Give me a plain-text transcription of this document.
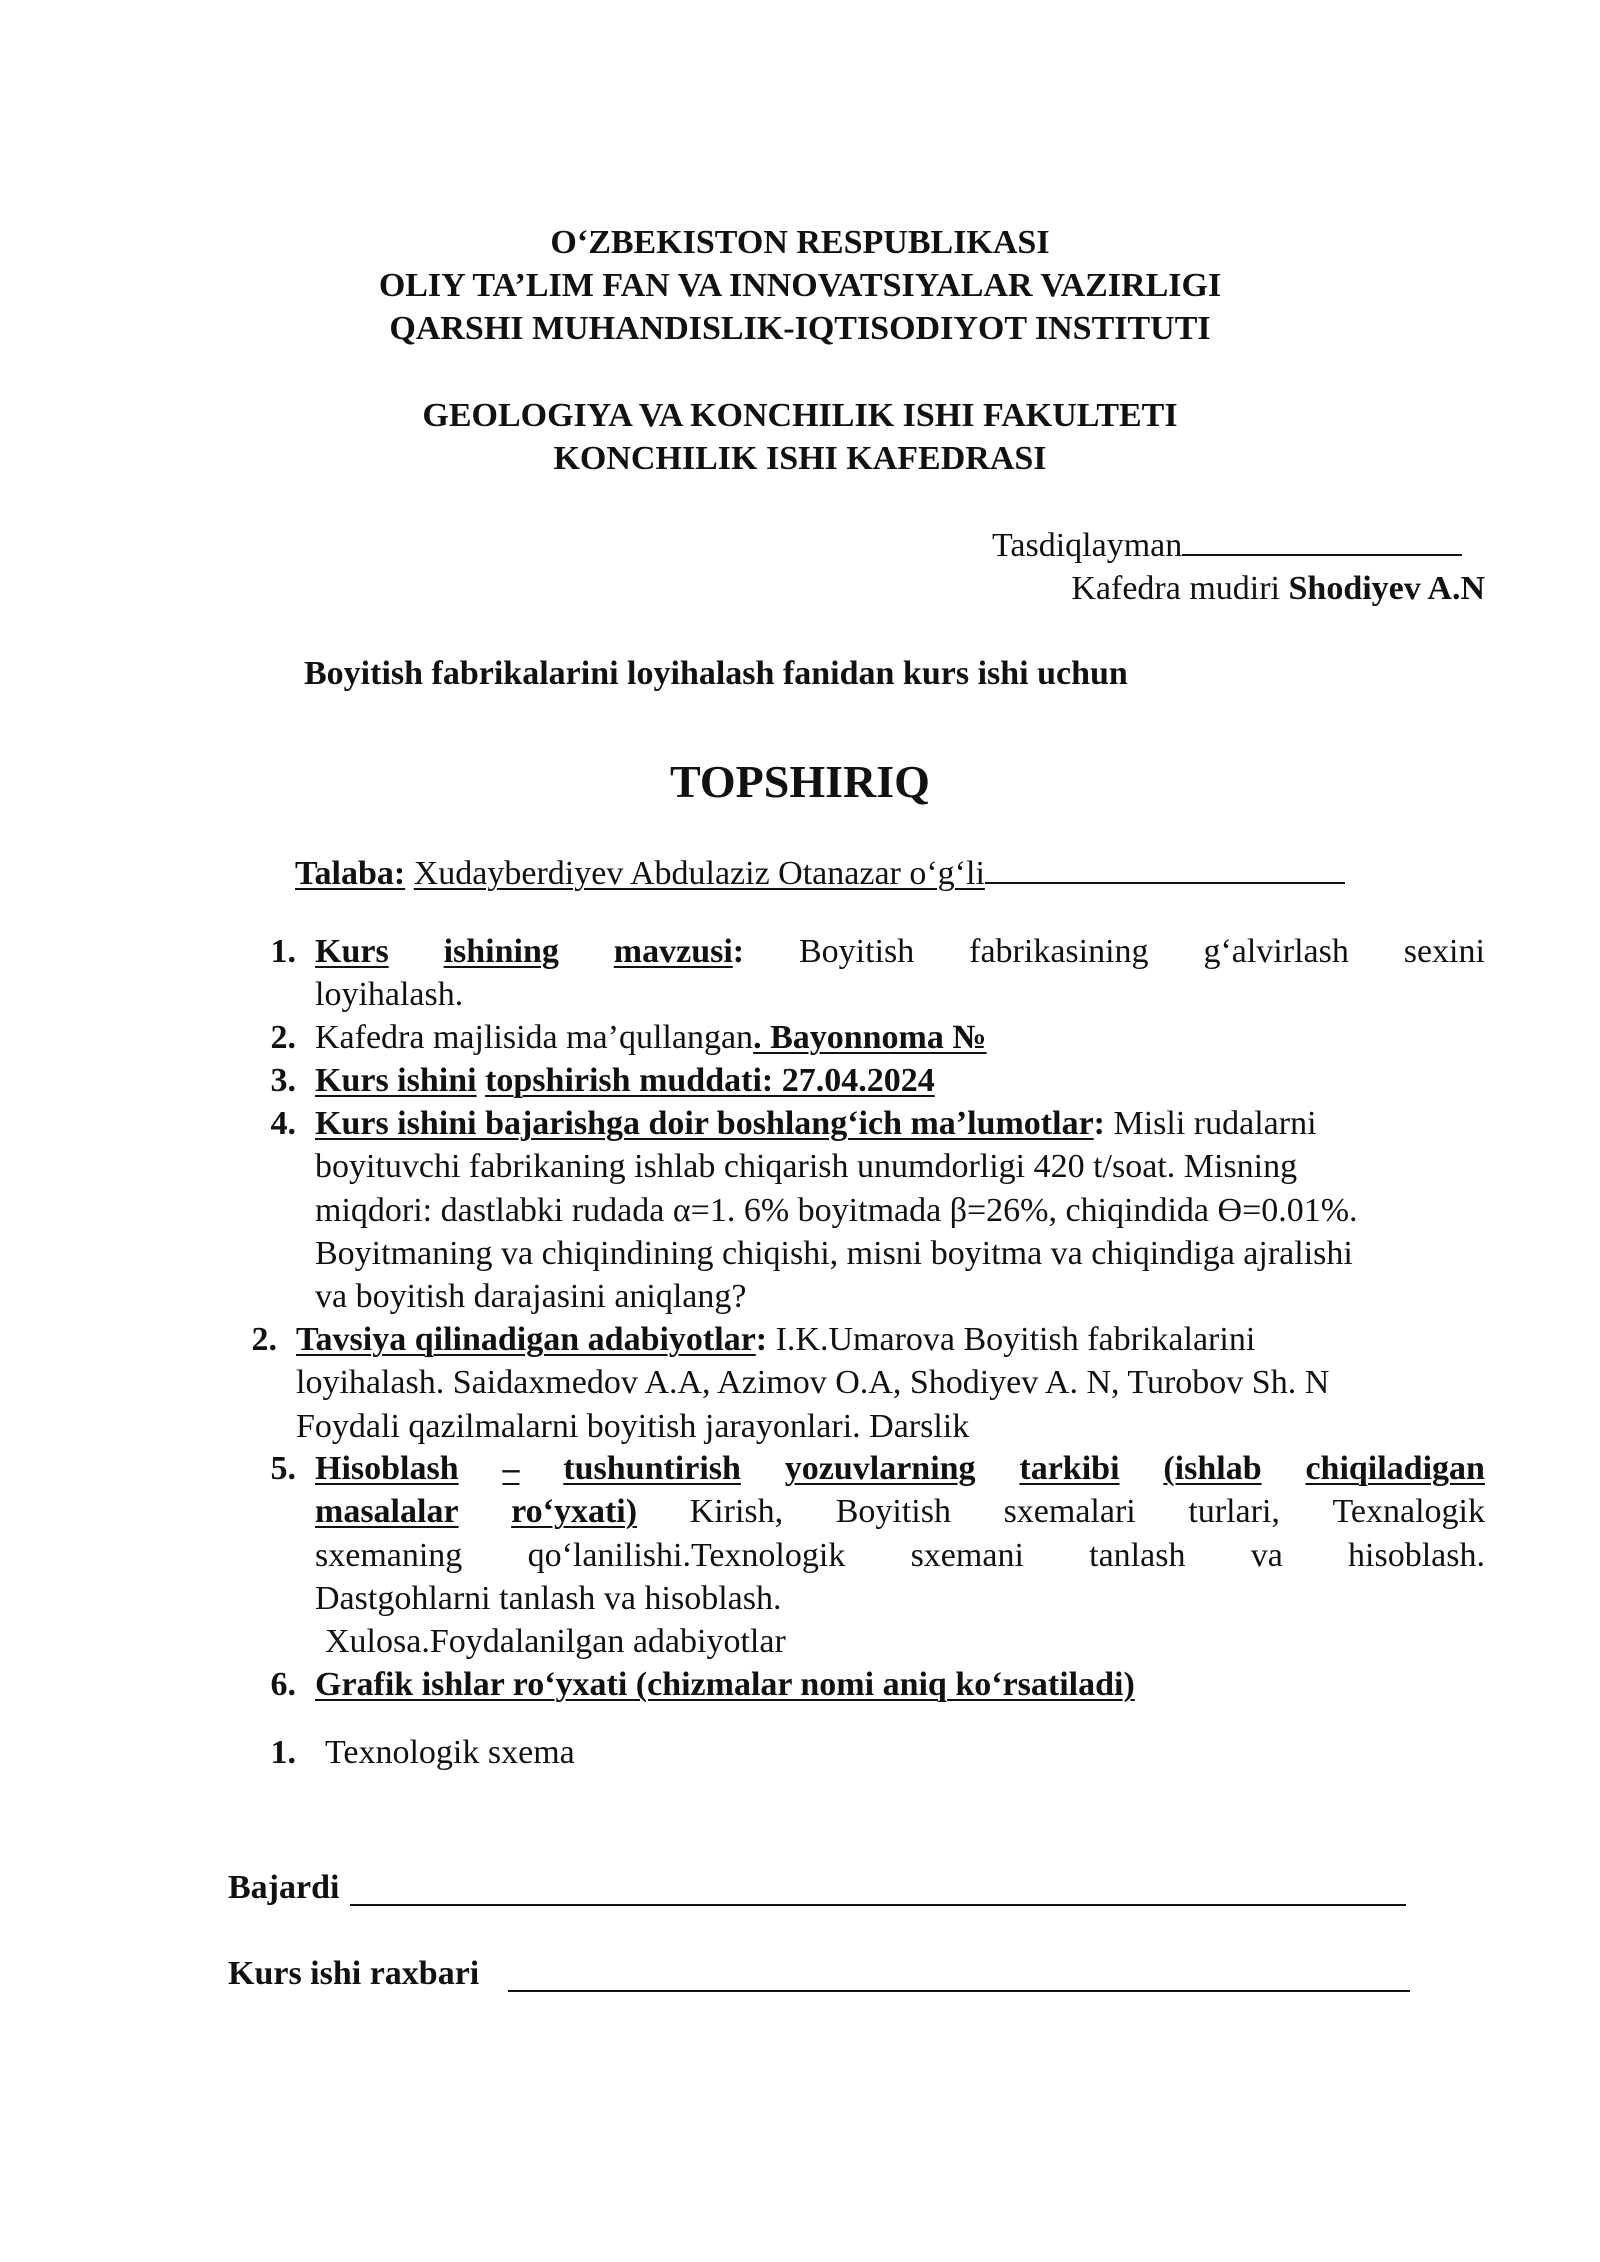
O‘ZBEKISTON RESPUBLIKASI
OLIY TA’LIM FAN VA INNOVATSIYALAR VAZIRLIGI
QARSHI MUHANDISLIK-IQTISODIYOT INSTITUTI
GEOLOGIYA VA KONCHILIK ISHI FAKULTETI
KONCHILIK ISHI KAFEDRASI
Tasdiqlayman
Kafedra mudiri Shodiyev A.N
Boyitish fabrikalarini loyihalash fanidan kurs ishi uchun
TOPSHIRIQ
Talaba: Xudayberdiyev Abdulaziz Otanazar o‘g‘li
1. Kurs ishining mavzusi: Boyitish fabrikasining g‘alvirlash sexini
loyihalash.
2. Kafedra majlisida ma’qullangan. Bayonnoma №
3. Kurs ishini topshirish muddati: 27.04.2024
4. Kurs ishini bajarishga doir boshlang‘ich ma’lumotlar: Misli rudalarni
boyituvchi fabrikaning ishlab chiqarish unumdorligi 420 t/soat. Misning
miqdori: dastlabki rudada α=1. 6% boyitmada β=26%, chiqindida Ɵ=0.01%.
Boyitmaning va chiqindining chiqishi, misni boyitma va chiqindiga ajralishi
va boyitish darajasini aniqlang?
2. Tavsiya qilinadigan adabiyotlar: I.K.Umarova Boyitish fabrikalarini
loyihalash. Saidaxmedov A.A, Azimov O.A, Shodiyev A. N, Turobov Sh. N
Foydali qazilmalarni boyitish jarayonlari. Darslik
5. Hisoblash – tushuntirish yozuvlarning tarkibi (ishlab chiqiladigan
masalalar ro‘yxati) Kirish, Boyitish sxemalari turlari, Texnalogik
sxemaning qo‘lanilishi.Texnologik sxemani tanlash va hisoblash.
Dastgohlarni tanlash va hisoblash.
Xulosa.Foydalanilgan adabiyotlar
6. Grafik ishlar ro‘yxati (chizmalar nomi aniq ko‘rsatiladi)
1. Texnologik sxema
Bajardi
Kurs ishi raxbari
